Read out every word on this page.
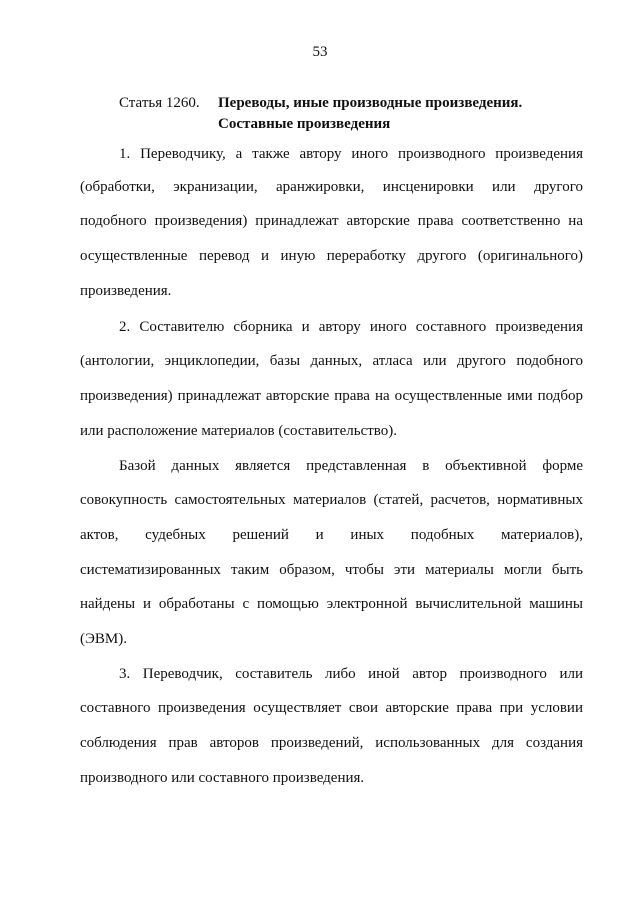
53
Статья 1260. Переводы, иные производные произведения.
Составные произведения
1. Переводчику, а также автору иного производного произведения
(обработки, экранизации, аранжировки, инсценировки или другого
подобного произведения) принадлежат авторские права соответственно на
осуществленные перевод и иную переработку другого (оригинального)
произведения.
2. Составителю сборника и автору иного составного произведения
(антологии, энциклопедии, базы данных, атласа или другого подобного
произведения) принадлежат авторские права на осуществленные ими подбор
или расположение материалов (составительство).
Базой данных является представленная в объективной форме
совокупность самостоятельных материалов (статей, расчетов, нормативных
актов, судебных решений и иных подобных материалов),
систематизированных таким образом, чтобы эти материалы могли быть
найдены и обработаны с помощью электронной вычислительной машины
(ЭВМ).
3. Переводчик, составитель либо иной автор производного или
составного произведения осуществляет свои авторские права при условии
соблюдения прав авторов произведений, использованных для создания
производного или составного произведения.
